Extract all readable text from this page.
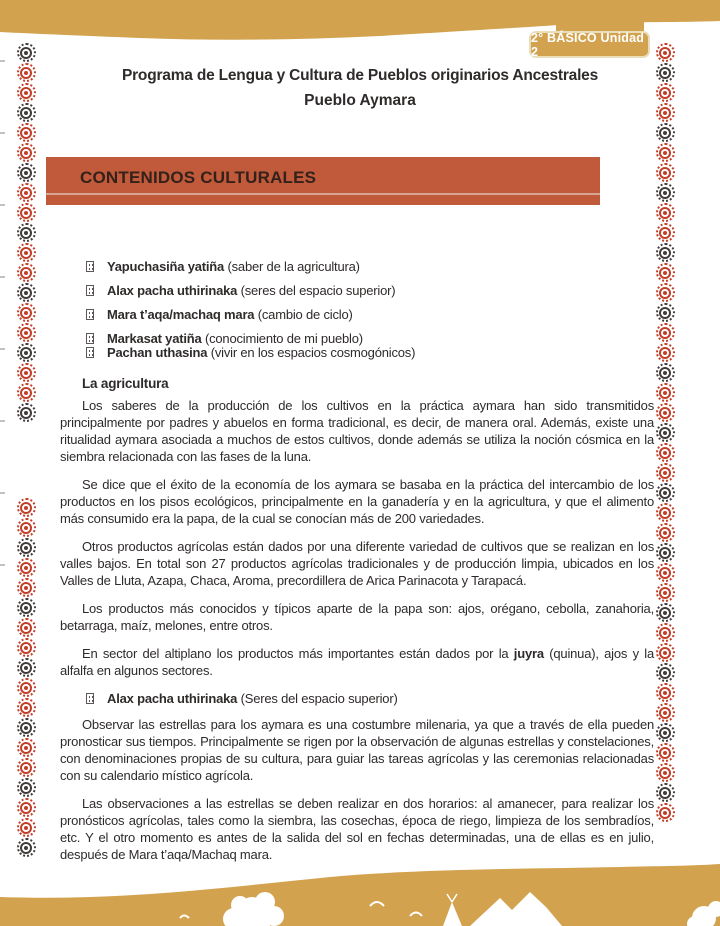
2° BÁSICO Unidad 2
Programa de Lengua y Cultura de Pueblos originarios Ancestrales
Pueblo Aymara
CONTENIDOS CULTURALES
Yapuchasiña yatiña (saber de la agricultura)
Alax pacha uthirinaka (seres del espacio superior)
Mara t’aqa/machaq mara (cambio de ciclo)
Markasat yatiña (conocimiento de mi pueblo)
Pachan uthasina (vivir en los espacios cosmogónicos)
La agricultura

Los saberes de la producción de los cultivos en la práctica aymara han sido transmitidos principalmente por padres y abuelos en forma tradicional, es decir, de manera oral. Además, existe una ritualidad aymara asociada a muchos de estos cultivos, donde además se utiliza la noción cósmica en la siembra relacionada con las fases de la luna.

Se dice que el éxito de la economía de los aymara se basaba en la práctica del intercambio de los productos en los pisos ecológicos, principalmente en la ganadería y en la agricultura, y que el alimento más consumido era la papa, de la cual se conocían más de 200 variedades.

Otros productos agrícolas están dados por una diferente variedad de cultivos que se realizan en los valles bajos. En total son 27 productos agrícolas tradicionales y de producción limpia, ubicados en los Valles de Lluta, Azapa, Chaca, Aroma, precordillera de Arica Parinacota y Tarapacá.

Los productos más conocidos y típicos aparte de la papa son: ajos, orégano, cebolla, zanahoria, betarraga, maíz, melones, entre otros.

En sector del altiplano los productos más importantes están dados por la juyra (quinua), ajos y la alfalfa en algunos sectores.

Alax pacha uthirinaka (Seres del espacio superior)

Observar las estrellas para los aymara es una costumbre milenaria, ya que a través de ella pueden pronosticar sus tiempos. Principalmente se rigen por la observación de algunas estrellas y constelaciones, con denominaciones propias de su cultura, para guiar las tareas agrícolas y las ceremonias relacionadas con su calendario místico agrícola.

Las observaciones a las estrellas se deben realizar en dos horarios: al amanecer, para realizar los pronósticos agrícolas, tales como la siembra, las cosechas, época de riego, limpieza de los sembradíos, etc. Y el otro momento es antes de la salida del sol en fechas determinadas, una de ellas es en julio, después de Mara t’aqa/Machaq mara.
